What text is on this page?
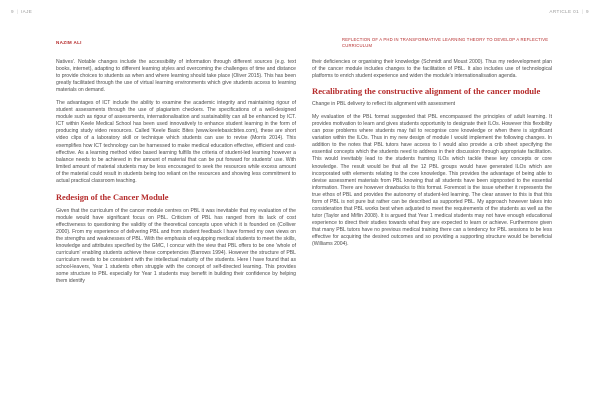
9 | IAJE	ARTICLE 01 | 9
NAZIM ALI
REFLECTION OF A PHD IN TRANSFORMATIVE LEARNING THEORY TO DEVELOP A REFLECTIVE CURRICULUM

Natives'. Notable changes include the accessibility of information through different sources (e.g. text books, internet), adapting to different learning styles and overcoming the challenges of time and distance to provide choices to students as when and where learning should take place (Oliver 2015). This has been greatly facilitated through the use of virtual learning environments which give students access to learning materials on demand.

The advantages of ICT include the ability to examine the academic integrity and maintaining rigour of student assessments through the use of plagiarism checkers. The specifications of a well-designed module such as rigour of assessments, internationalisation and sustainability can all be enhanced by ICT. ICT within Keele Medical School has been used innovatively to enhance student learning in the form of producing study video resources. Called 'Keele Basic Bites (www.keelebasicbites.com), these are short video clips of a laboratory skill or technique which students can use to revise (Morris 2014). This exemplifies how ICT technology can be harnessed to make medical education effective, efficient and cost-effective. As a learning method video based learning fulfills the criteria of student-led learning however a balance needs to be achieved in the amount of material that can be put forward for students' use. With limited amount of material students may be less encouraged to seek the resources while excess amount of the material could result in students being too reliant on the resources and showing less commitment to actual practical classroom teaching.

Redesign of the Cancer Module

Given that the curriculum of the cancer module centres on PBL it was inevitable that my evaluation of the module would have significant focus on PBL. Criticism of PBL has ranged from its lack of cost effectiveness to questioning the validity of the theoretical concepts upon which it is founded on (Colliver 2000). From my experience of delivering PBL and from student feedback I have formed my own views on the strengths and weaknesses of PBL. With the emphasis of equipping medical students to meet the skills, knowledge and attributes specified by the GMC, I concur with the view that PBL offers to be one 'whole of curriculum' enabling students achieve these competencies (Barrows 1994). However the structure of PBL curriculum needs to be consistent with the intellectual maturity of the students. Here I have found that as school-leavers, Year 1 students often struggle with the concept of self-directed learning. This provides some structure to PBL especially for Year 1 students may benefit in building their confidence by helping them identify

their deficiencies or organising their knowledge (Schmidt and Moust 2000). Thus my redevelopment plan of the cancer module includes changes to the facilitation of PBL. It also includes use of technological platforms to enrich student experience and widen the module's internationalisation agenda.

Recalibrating the constructive alignment of the cancer module

Change in PBL delivery to reflect its alignment with assessment

My evaluation of the PBL format suggested that PBL encompassed the principles of adult learning. It provides motivation to learn and gives students opportunity to designate their ILOs. However this flexibility can pose problems where students may fail to recognise core knowledge or when there is significant variation within the ILOs. Thus in my new design of module I would implement the following changes. In addition to the notes that PBL tutors have access to I would also provide a crib sheet specifying the essential concepts which the students need to address in their discussion through appropriate facilitation. This would inevitably lead to the students framing ILOs which tackle these key concepts or core knowledge. The result would be that all the 12 PBL groups would have generated ILOs which are incorporated with elements relating to the core knowledge. This provides the advantage of being able to devise assessment materials from PBL knowing that all students have been signposted to the essential information. There are however drawbacks to this format. Foremost is the issue whether it represents the true ethos of PBL and provides the autonomy of student-led learning. The clear answer to this is that this form of PBL is not pure but rather can be described as supported PBL. My approach however takes into consideration that PBL works best when adjusted to meet the requirements of the students as well as the tutor (Taylor and Miflin 2008). It is argued that Year 1 medical students may not have enough educational experience to direct their studies towards what they are expected to learn or achieve. Furthermore given that many PBL tutors have no previous medical training there can a tendency for PBL sessions to be less effective for acquiring the desired outcomes and so providing a supporting structure would be beneficial (Williams 2004).
